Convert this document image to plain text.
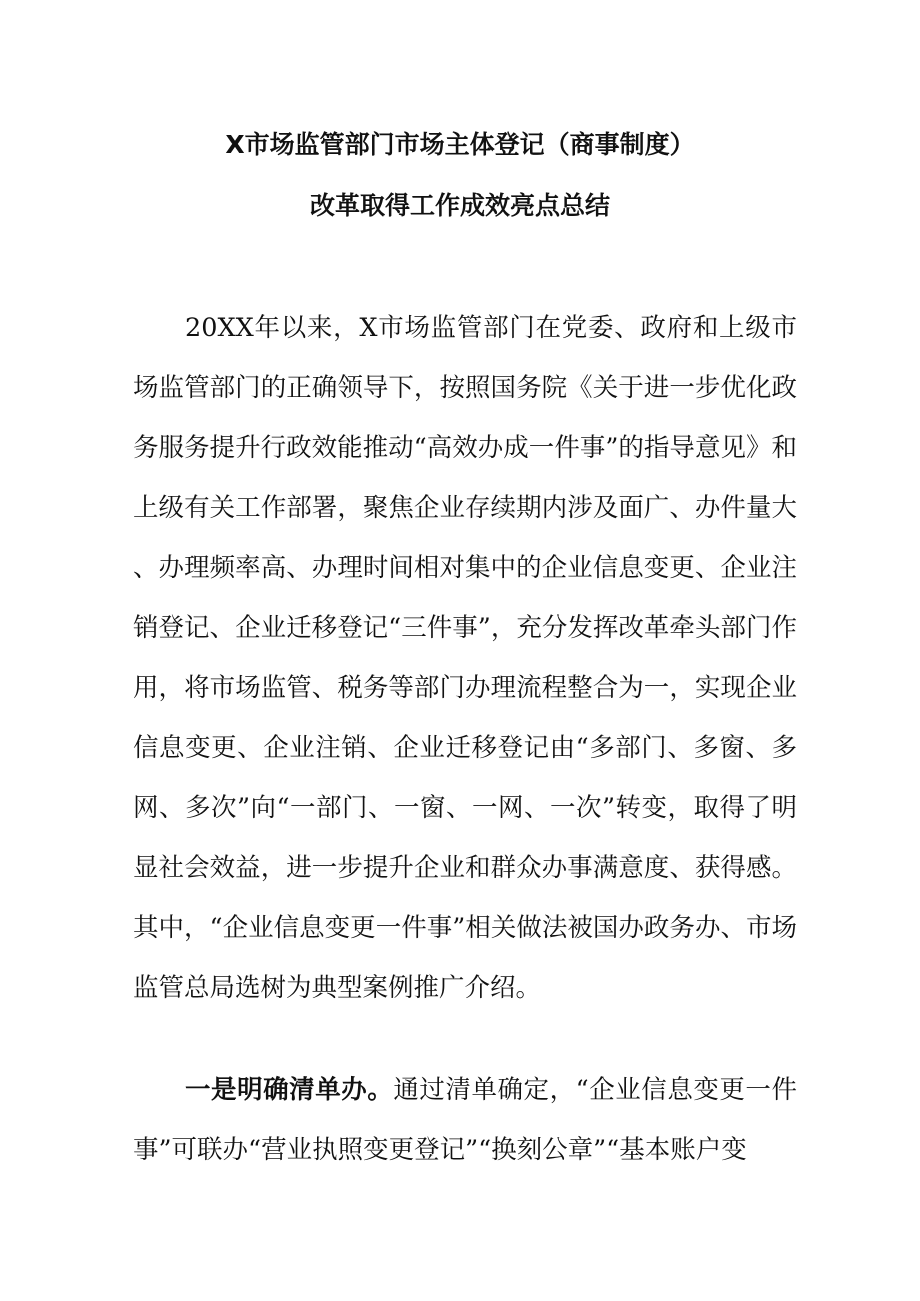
X市场监管部门市场主体登记（商事制度）
改革取得工作成效亮点总结

20XX年以来，X市场监管部门在党委、政府和上级市场监管部门的正确领导下，按照国务院《关于进一步优化政务服务提升行政效能推动“高效办成一件事”的指导意见》和上级有关工作部署，聚焦企业存续期内涉及面广、办件量大、办理频率高、办理时间相对集中的企业信息变更、企业注销登记、企业迁移登记“三件事”，充分发挥改革牵头部门作用，将市场监管、税务等部门办理流程整合为一，实现企业信息变更、企业注销、企业迁移登记由“多部门、多窗、多网、多次”向“一部门、一窗、一网、一次”转变，取得了明显社会效益，进一步提升企业和群众办事满意度、获得感。其中，“企业信息变更一件事”相关做法被国办政务办、市场监管总局选树为典型案例推广介绍。

一是明确清单办。通过清单确定，“企业信息变更一件事”可联办“营业执照变更登记”“换刻公章”“基本账户变
